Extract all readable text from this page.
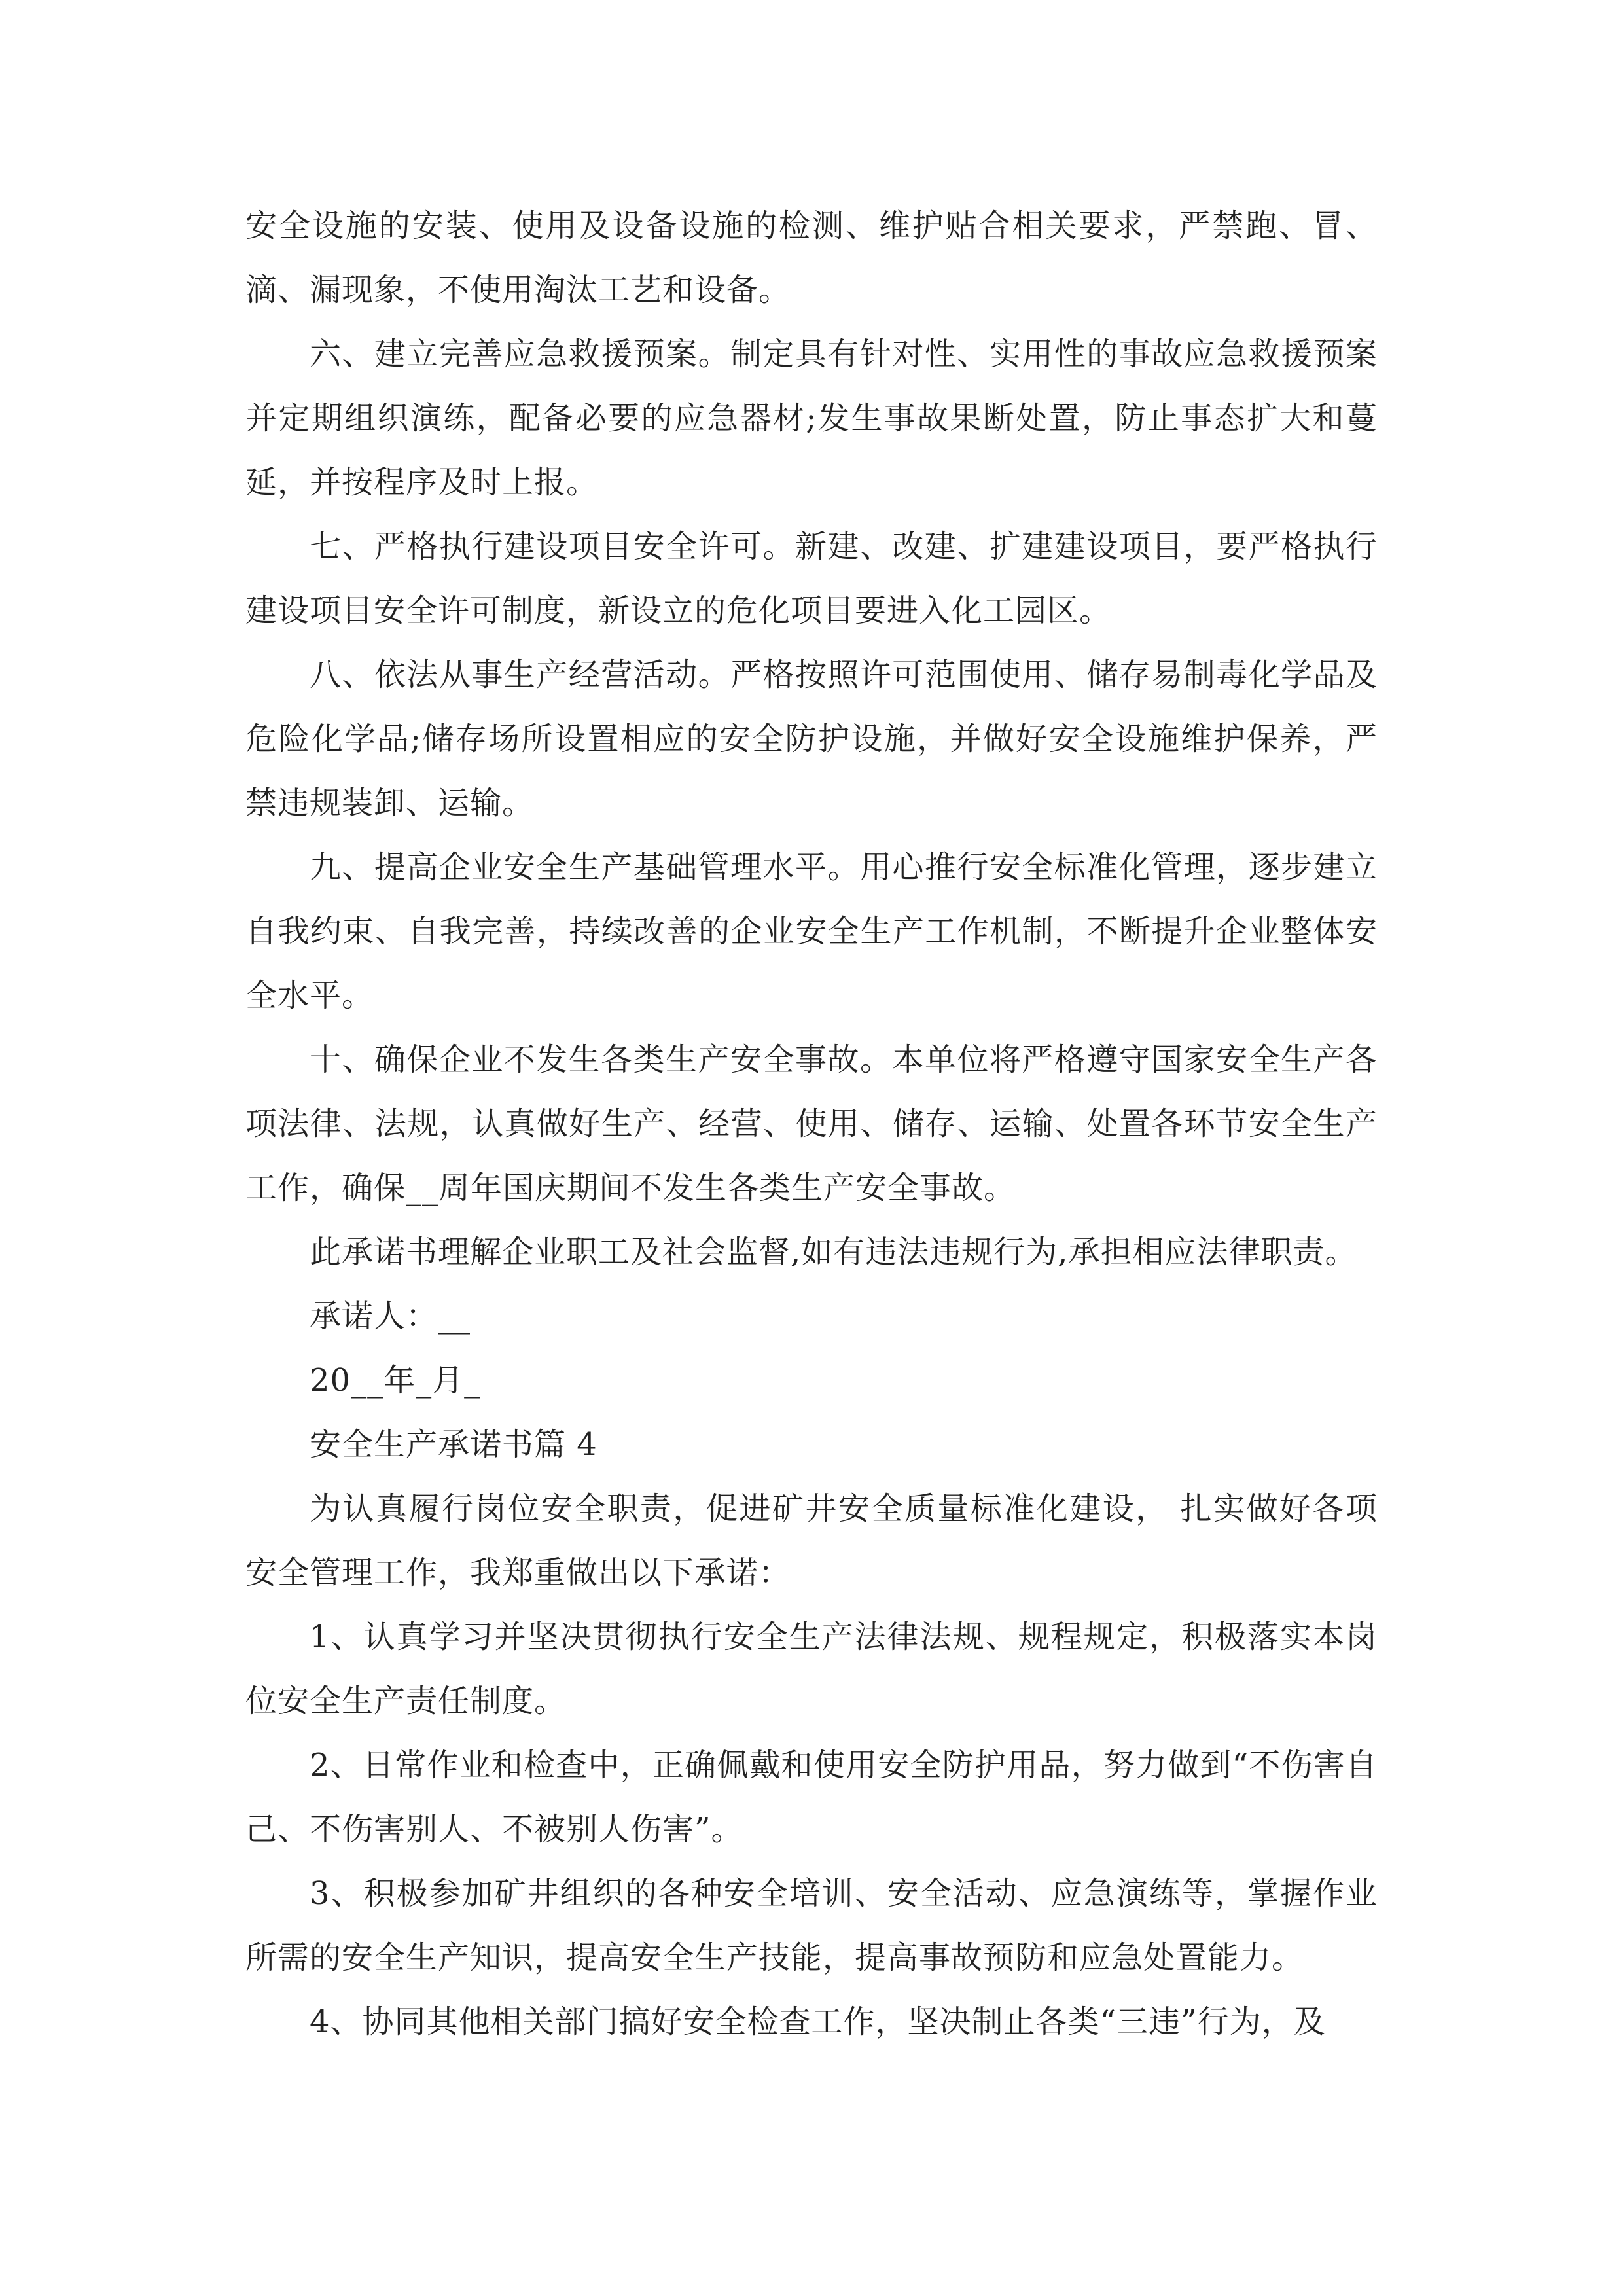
安全设施的安装、使用及设备设施的检测、维护贴合相关要求，严禁跑、冒、滴、漏现象，不使用淘汰工艺和设备。

六、建立完善应急救援预案。制定具有针对性、实用性的事故应急救援预案并定期组织演练，配备必要的应急器材;发生事故果断处置，防止事态扩大和蔓延，并按程序及时上报。

七、严格执行建设项目安全许可。新建、改建、扩建建设项目，要严格执行建设项目安全许可制度，新设立的危化项目要进入化工园区。

八、依法从事生产经营活动。严格按照许可范围使用、储存易制毒化学品及危险化学品;储存场所设置相应的安全防护设施，并做好安全设施维护保养，严禁违规装卸、运输。

九、提高企业安全生产基础管理水平。用心推行安全标准化管理，逐步建立自我约束、自我完善，持续改善的企业安全生产工作机制，不断提升企业整体安全水平。

十、确保企业不发生各类生产安全事故。本单位将严格遵守国家安全生产各项法律、法规，认真做好生产、经营、使用、储存、运输、处置各环节安全生产工作，确保__周年国庆期间不发生各类生产安全事故。

此承诺书理解企业职工及社会监督,如有违法违规行为,承担相应法律职责。

承诺人：__

20__年_月_

安全生产承诺书篇 4

为认真履行岗位安全职责，促进矿井安全质量标准化建设， 扎实做好各项安全管理工作，我郑重做出以下承诺：

1、认真学习并坚决贯彻执行安全生产法律法规、规程规定，积极落实本岗位安全生产责任制度。

2、日常作业和检查中，正确佩戴和使用安全防护用品，努力做到“不伤害自己、不伤害别人、不被别人伤害”。

3、积极参加矿井组织的各种安全培训、安全活动、应急演练等，掌握作业所需的安全生产知识，提高安全生产技能，提高事故预防和应急处置能力。

4、协同其他相关部门搞好安全检查工作，坚决制止各类“三违”行为，及
